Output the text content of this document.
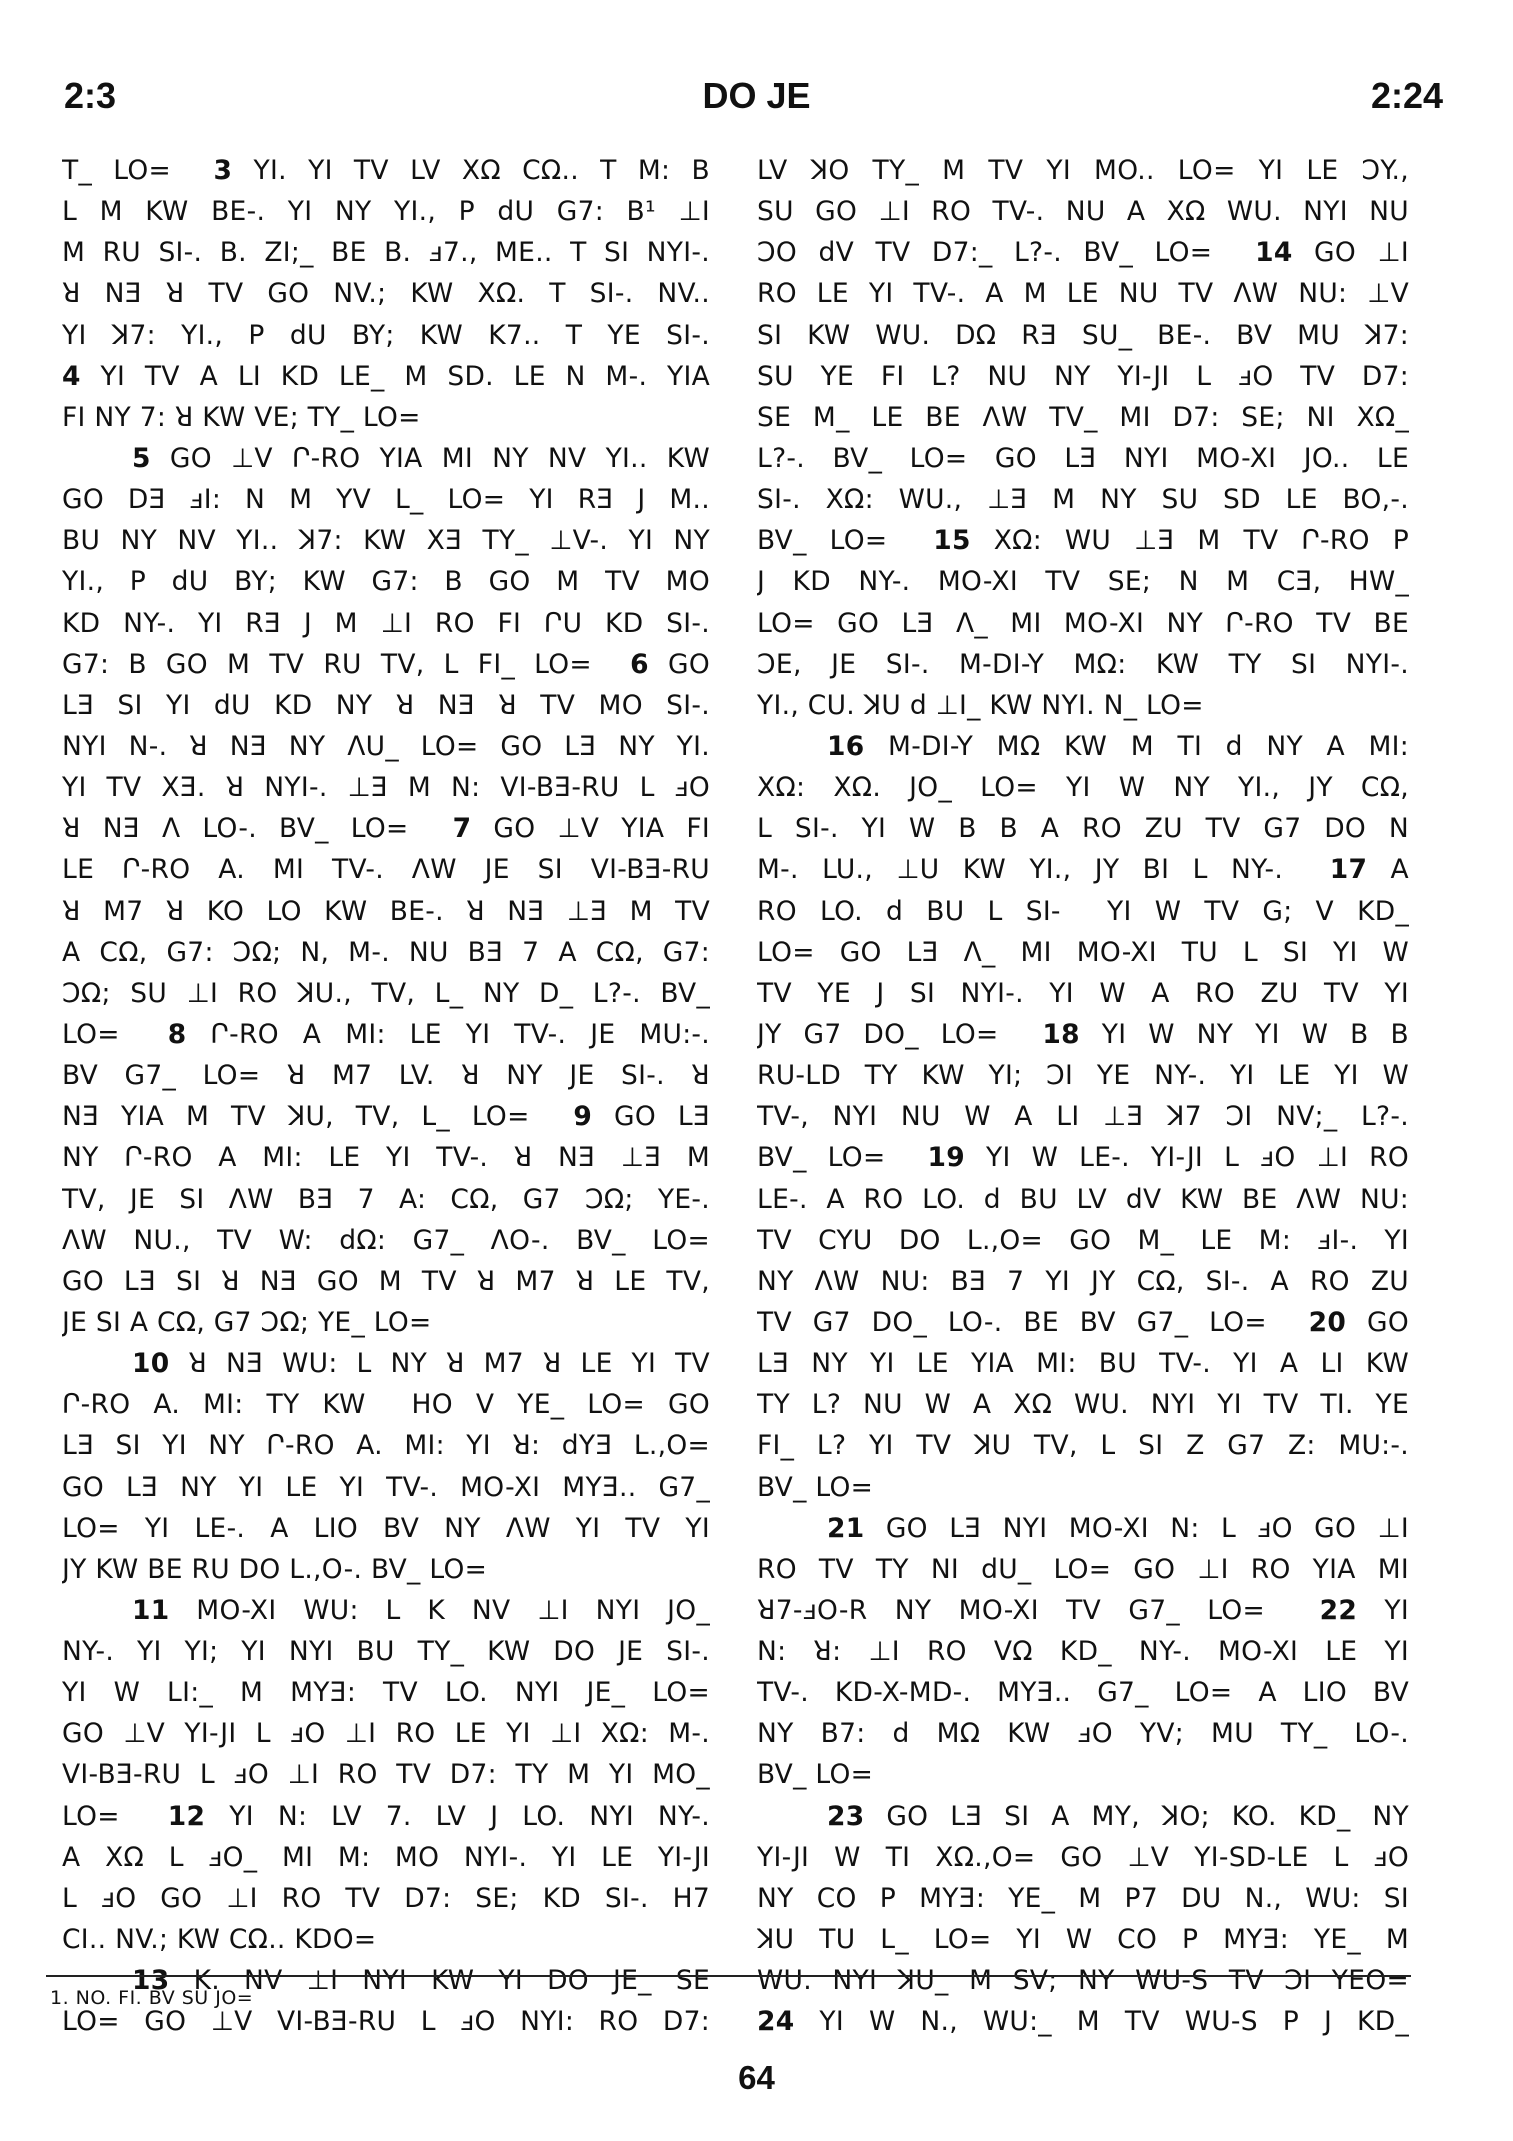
2:3	DO JE	2:24
T_ LO=  3 YI. YI TV LV XΩ CΩ.. T M: B
L M KW BE-. YI NY YI., P dU G7: B¹ ⊥I
M RU SI-. B. ZI;_ BE B. ⅎ7., ME.. T SI NYI-.
ꓤ NƎ ꓤ TV GO NV.; KW XΩ. T SI-. NV..
YI ꓘ7: YI., P dU BY; KW K7.. T YE SI-.
4 YI TV A LI KD LE_ M SD. LE N M-. YIA
FI NY 7: ꓤ KW VE; TY_ LO=
5 GO ⊥V Ր-RO YIA MI NY NV YI.. KW
GO DƎ ⅎI: N M YV L_ LO= YI RƎ J M..
BU NY NV YI.. ꓘ7: KW XƎ TY_ ⊥V-. YI NY
YI., P dU BY; KW G7: B GO M TV MO
KD NY-. YI RƎ J M ⊥I RO FI ՐU KD SI-.
G7: B GO M TV RU TV, L FI_ LO=  6 GO
LƎ SI YI dU KD NY ꓤ NƎ ꓤ TV MO SI-.
NYI N-. ꓤ NƎ NY ɅU_ LO= GO LƎ NY YI.
YI TV XƎ. ꓤ NYI-. ⊥Ǝ M N: VI-BƎ-RU L ⅎO
ꓤ NƎ Ʌ LO-. BV_ LO=  7 GO ⊥V YIA FI
LE Ր-RO A. MI TV-. ɅW JE SI VI-BƎ-RU
ꓤ M7 ꓤ KO LO KW BE-. ꓤ NƎ ⊥Ǝ M TV
A CΩ, G7: ϽΩ; N, M-. NU BƎ 7 A CΩ, G7:
ϽΩ; SU ⊥I RO ꓘU., TV, L_ NY D_ L?-. BV_
LO=  8 Ր-RO A MI: LE YI TV-. JE MU:-.
BV G7_ LO= ꓤ M7 LV. ꓤ NY JE SI-. ꓤ
NƎ YIA M TV ꓘU, TV, L_ LO=  9 GO LƎ
NY Ր-RO A MI: LE YI TV-. ꓤ NƎ ⊥Ǝ M
TV, JE SI ɅW BƎ 7 A: CΩ, G7 ϽΩ; YE-.
ɅW NU., TV W: dΩ: G7_ ɅO-. BV_ LO=
GO LƎ SI ꓤ NƎ GO M TV ꓤ M7 ꓤ LE TV,
JE SI A CΩ, G7 ϽΩ; YE_ LO=
10 ꓤ NƎ WU: L NY ꓤ M7 ꓤ LE YI TV
Ր-RO A. MI: TY KW  HO V YE_ LO= GO
LƎ SI YI NY Ր-RO A. MI: YI ꓤ: dYƎ L.,O=
GO LƎ NY YI LE YI TV-. MO-XI MYƎ.. G7_
LO= YI LE-. A LIO BV NY ɅW YI TV YI
JY KW BE RU DO L.,O-. BV_ LO=
11 MO-XI WU: L K NV ⊥I NYI JO_
NY-. YI YI; YI NYI BU TY_ KW DO JE SI-.
YI W LI:_ M MYƎ: TV LO. NYI JE_ LO=
GO ⊥V YI-JI L ⅎO ⊥I RO LE YI ⊥I XΩ: M-.
VI-BƎ-RU L ⅎO ⊥I RO TV D7: TY M YI MO_
LO=  12 YI N: LV 7. LV J LO. NYI NY-.
A XΩ L ⅎO_ MI M: MO NYI-. YI LE YI-JI
L ⅎO GO ⊥I RO TV D7: SE; KD SI-. H7
CI.. NV.; KW CΩ.. KDO=
13 K. NV ⊥I NYI KW YI DO JE_ SE
LO= GO ⊥V VI-BƎ-RU L ⅎO NYI: RO D7:
LV ꓘO TY_ M TV YI MO.. LO= YI LE ϽY.,
SU GO ⊥I RO TV-. NU A XΩ WU. NYI NU
ϽO dV TV D7:_ L?-. BV_ LO=  14 GO ⊥I
RO LE YI TV-. A M LE NU TV ɅW NU: ⊥V
SI KW WU. DΩ RƎ SU_ BE-. BV MU ꓘ7:
SU YE FI L? NU NY YI-JI L ⅎO TV D7:
SE M_ LE BE ɅW TV_ MI D7: SE; NI XΩ_
L?-. BV_ LO= GO LƎ NYI MO-XI JO.. LE
SI-. XΩ: WU., ⊥Ǝ M NY SU SD LE BO,-.
BV_ LO=  15 XΩ: WU ⊥Ǝ M TV Ր-RO P
J KD NY-. MO-XI TV SE; N M CƎ, HW_
LO= GO LƎ Ʌ_ MI MO-XI NY Ր-RO TV BE
ϽE, JE SI-. M-DI-Y MΩ: KW TY SI NYI-.
YI., CU. ꓘU d ⊥I_ KW NYI. N_ LO=
16 M-DI-Y MΩ KW M TI d NY A MI:
XΩ: XΩ. JO_ LO= YI W NY YI., JY CΩ,
L SI-. YI W B B A RO ZU TV G7 DO N
M-. LU., ⊥U KW YI., JY BI L NY-.  17 A
RO LO. d BU L SI-  YI W TV G; V KD_
LO= GO LƎ Ʌ_ MI MO-XI TU L SI YI W
TV YE J SI NYI-. YI W A RO ZU TV YI
JY G7 DO_ LO=  18 YI W NY YI W B B
RU-LD TY KW YI; ϽI YE NY-. YI LE YI W
TV-, NYI NU W A LI ⊥Ǝ ꓘ7 ϽI NV;_ L?-.
BV_ LO=  19 YI W LE-. YI-JI L ⅎO ⊥I RO
LE-. A RO LO. d BU LV dV KW BE ɅW NU:
TV CYU DO L.,O= GO M_ LE M: ⅎI-. YI
NY ɅW NU: BƎ 7 YI JY CΩ, SI-. A RO ZU
TV G7 DO_ LO-. BE BV G7_ LO=  20 GO
LƎ NY YI LE YIA MI: BU TV-. YI A LI KW
TY L? NU W A XΩ WU. NYI YI TV TI. YE
FI_ L? YI TV ꓘU TV, L SI Z G7 Z: MU:-.
BV_ LO=
21 GO LƎ NYI MO-XI N: L ⅎO GO ⊥I
RO TV TY NI dU_ LO= GO ⊥I RO YIA MI
ꓤ7-ⅎO-R NY MO-XI TV G7_ LO=  22 YI
N: ꓤ: ⊥I RO VΩ KD_ NY-. MO-XI LE YI
TV-. KD-X-MD-. MYƎ.. G7_ LO= A LIO BV
NY B7: d MΩ KW ⅎO YV; MU TY_ LO-.
BV_ LO=
23 GO LƎ SI A MY, ꓘO; KO. KD_ NY
YI-JI W TI XΩ.,O= GO ⊥V YI-SD-LE L ⅎO
NY CO P MYƎ: YE_ M P7 DU N., WU: SI
ꓘU TU L_ LO= YI W CO P MYƎ: YE_ M
WU. NYI ꓘU_ M SV; NY WU-S TV ϽI YEO=
24 YI W N., WU:_ M TV WU-S P J KD_
1. NO. FI. BV SU JO=
64
